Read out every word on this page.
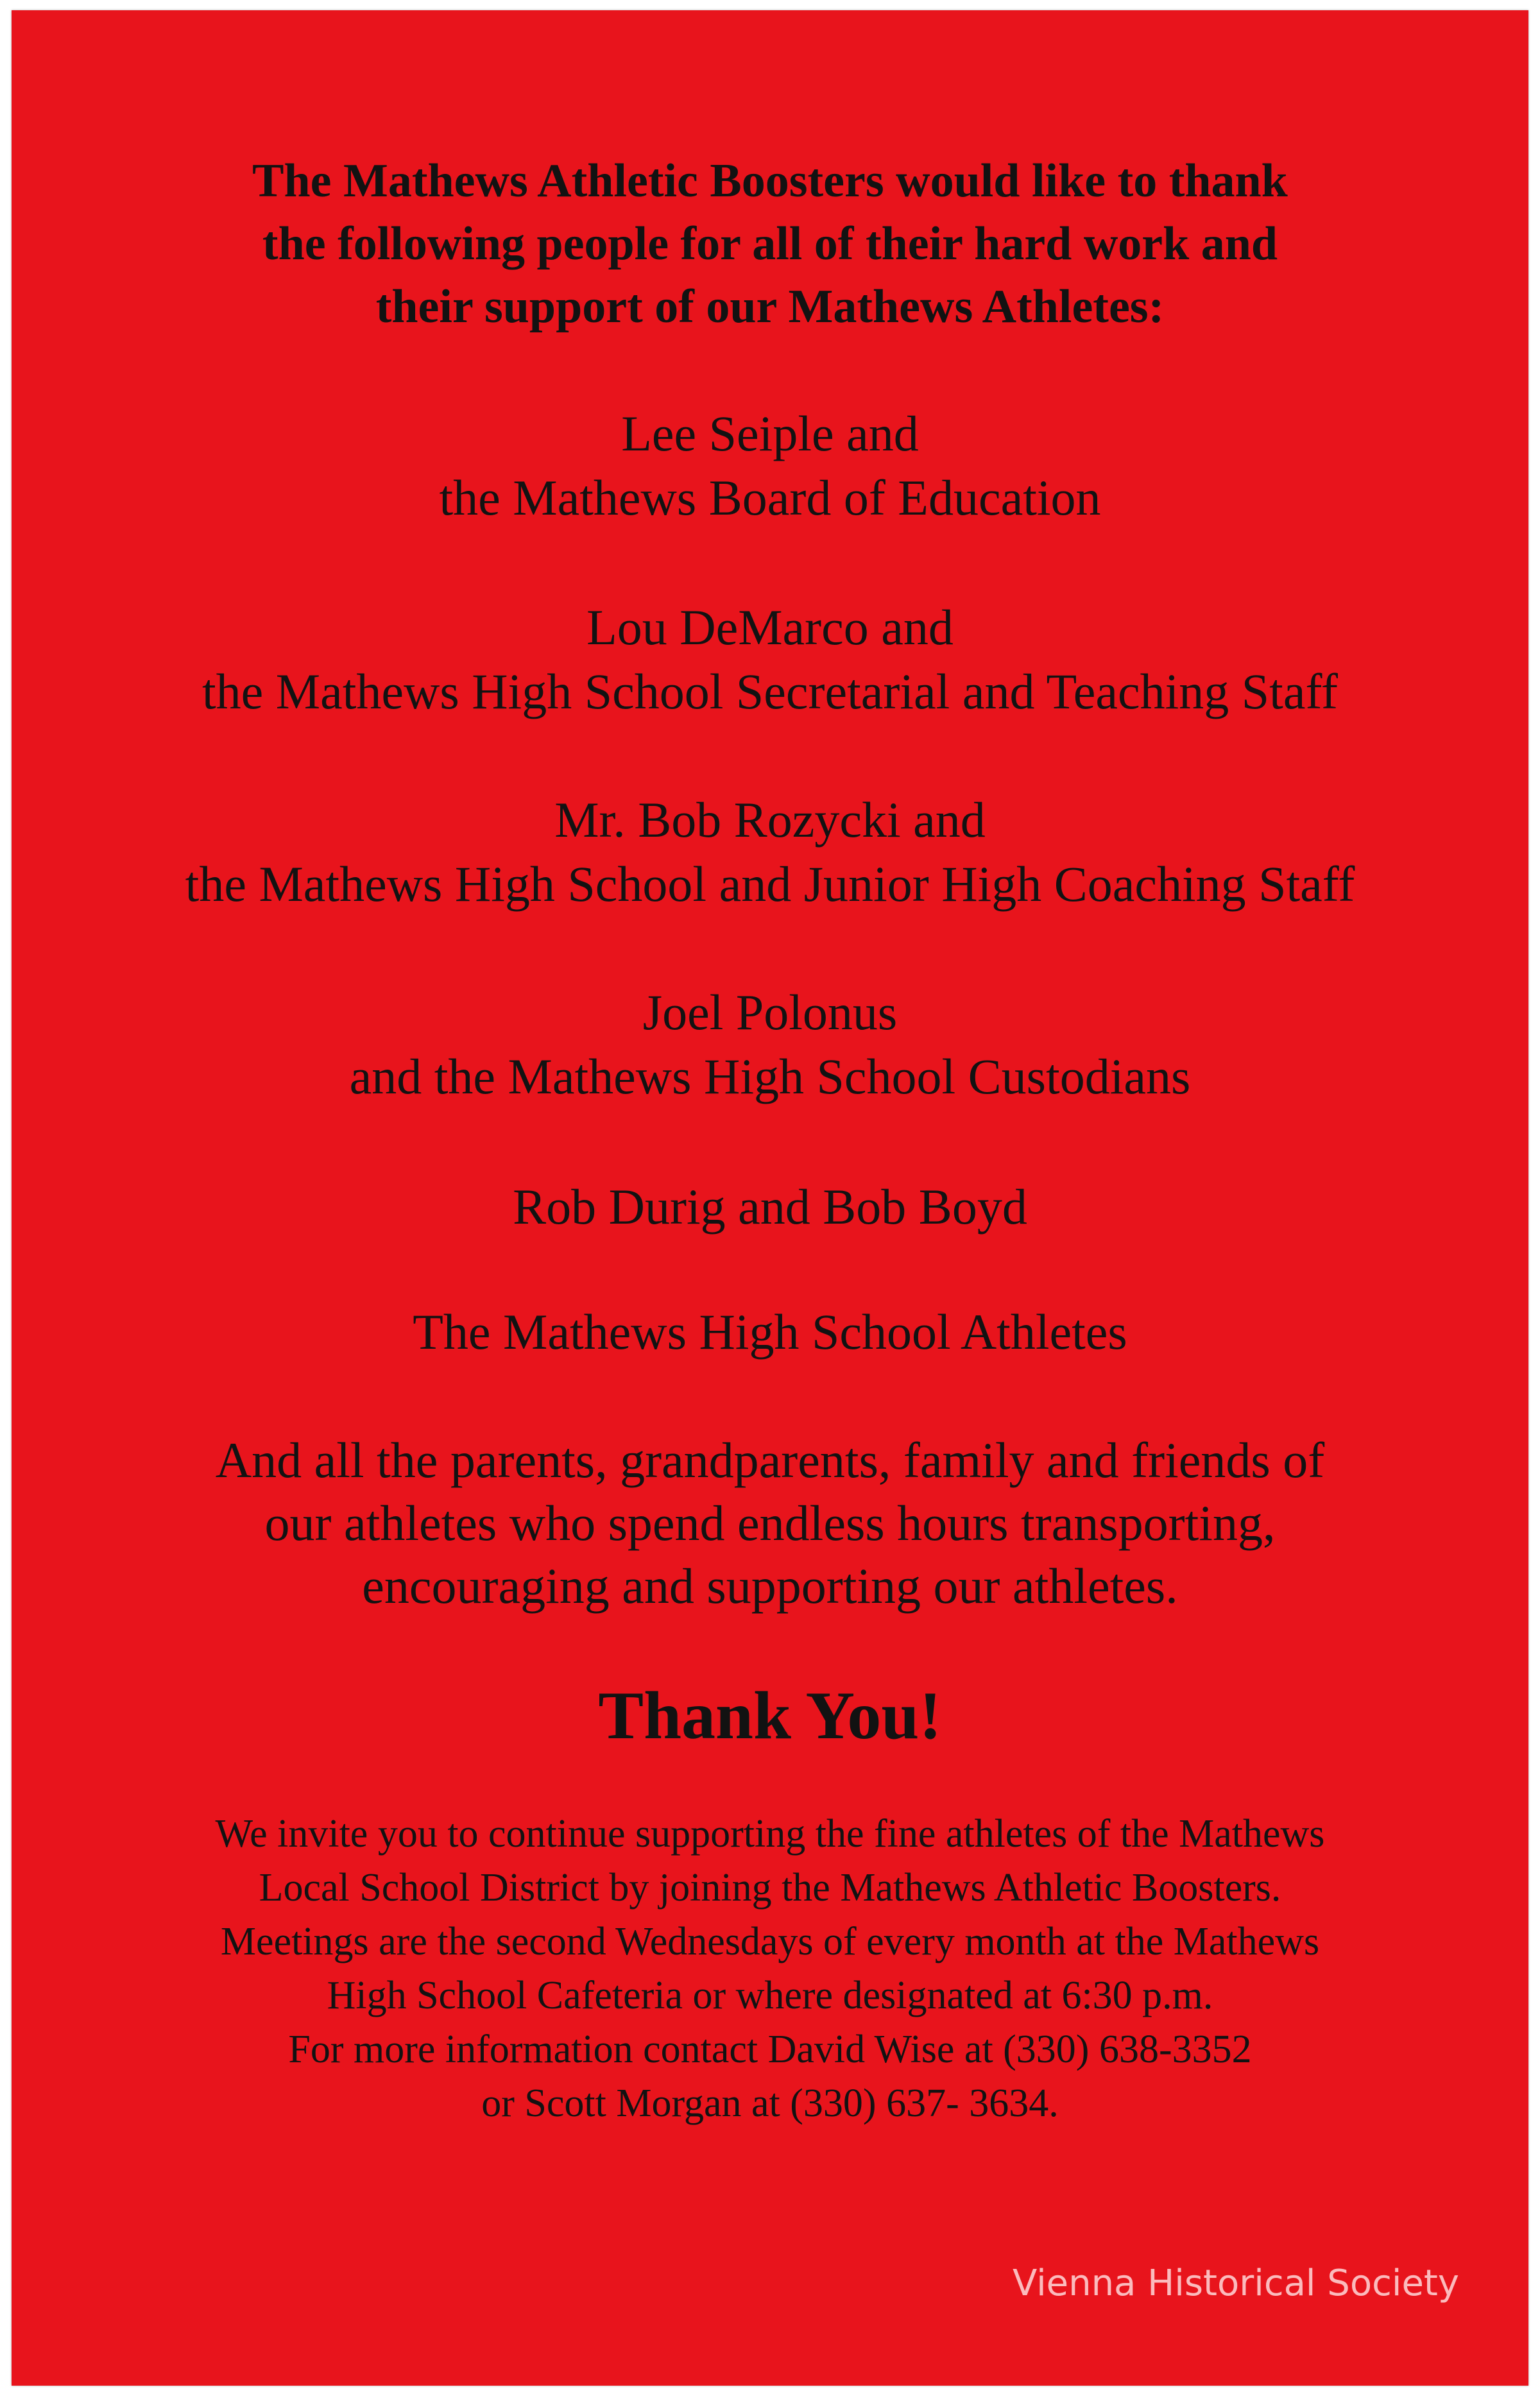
The Mathews Athletic Boosters would like to thank
the following people for all of their hard work and
their support of our Mathews Athletes:
Lee Seiple and
the Mathews Board of Education
Lou DeMarco and
the Mathews High School Secretarial and Teaching Staff
Mr. Bob Rozycki and
the Mathews High School and Junior High Coaching Staff
Joel Polonus
and the Mathews High School Custodians
Rob Durig and Bob Boyd
The Mathews High School Athletes
And all the parents, grandparents, family and friends of
our athletes who spend endless hours transporting,
encouraging and supporting our athletes.
Thank You!
We invite you to continue supporting the fine athletes of the Mathews
Local School District by joining the Mathews Athletic Boosters.
Meetings are the second Wednesdays of every month at the Mathews
High School Cafeteria or where designated at 6:30 p.m.
For more information contact David Wise at (330) 638-3352
or Scott Morgan at (330) 637- 3634.
Vienna Historical Society
